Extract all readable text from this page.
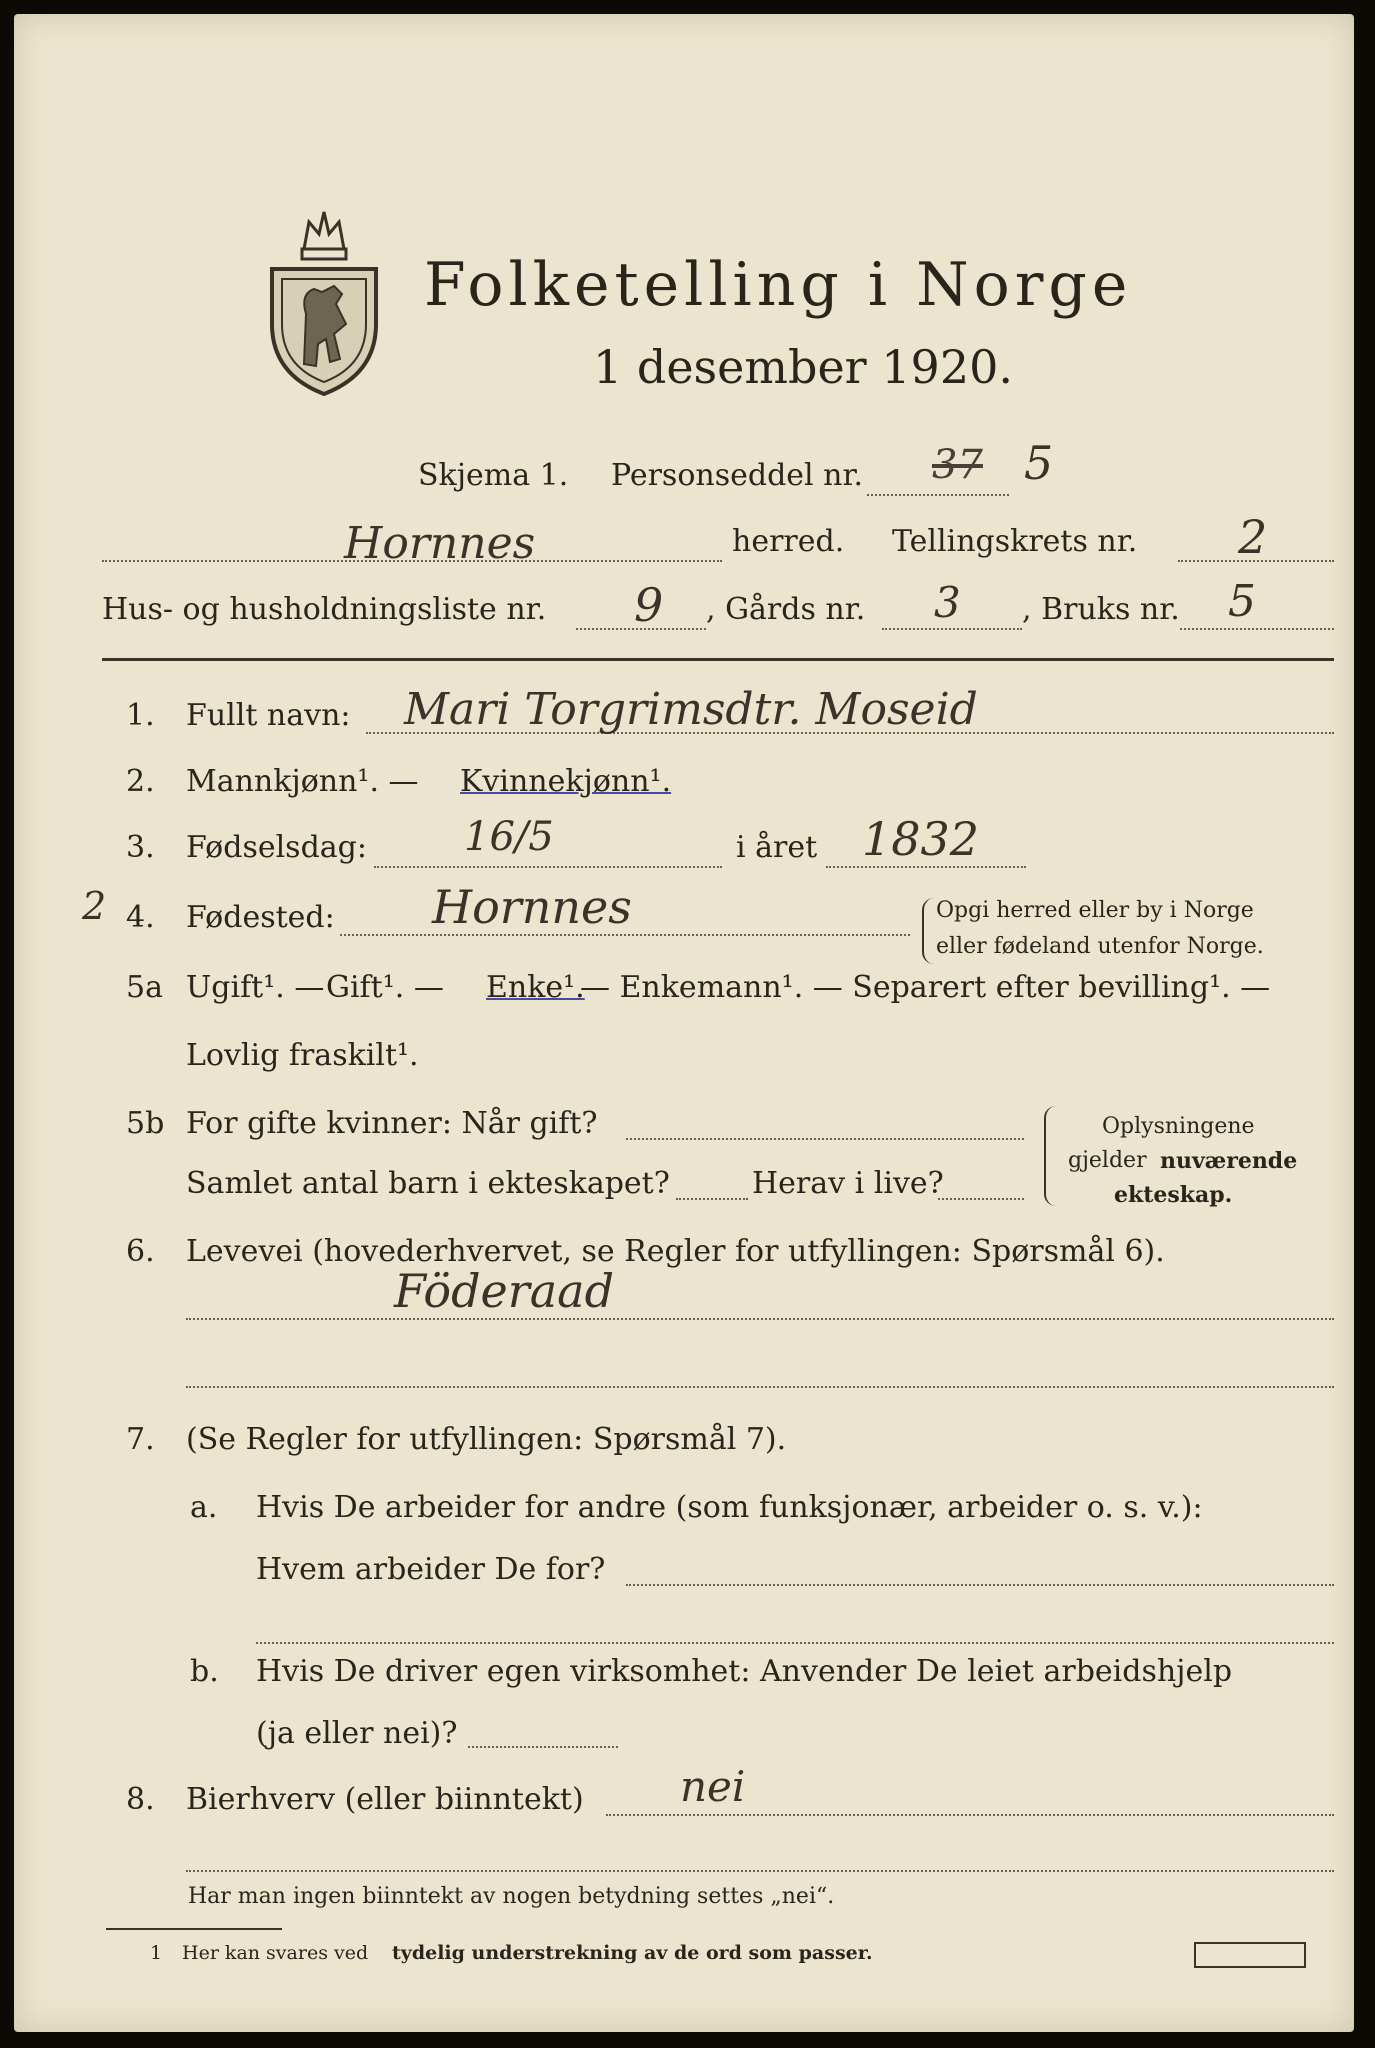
Folketelling i Norge
1 desember 1920.
Skjema 1. Personseddel nr. 37 5
Hornnes	herred. Tellingskrets nr. 2
Hus- og husholdningsliste nr. 9 , Gårds nr. 3 , Bruks nr. 5
1. Fullt navn: Mari Torgrimsdtr. Moseid
2. Mannkjønn¹. — Kvinnekjønn¹.
3. Fødselsdag: 16/5	i året 1832
2 4. Fødested: Hornnes	Opgi herred eller by i Norge
eller fødeland utenfor Norge.
5a Ugift¹. — Gift¹. — Enke¹.
— Enkemann¹. — Separert efter bevilling¹. —
Lovlig fraskilt¹.
5b For gifte kvinner: Når gift?
Samlet antal barn i ekteskapet?	Herav i live?
Oplysningene
gjelder nuværende
ekteskap.
6. Levevei (hovederhvervet, se Regler for utfyllingen: Spørsmål 6).
Föderaad
7. (Se Regler for utfyllingen: Spørsmål 7).
a. Hvis De arbeider for andre (som funksjonær, arbeider o. s. v.):
Hvem arbeider De for?
b. Hvis De driver egen virksomhet: Anvender De leiet arbeidshjelp
(ja eller nei)?
8. Bierhverv (eller biinntekt) nei
Har man ingen biinntekt av nogen betydning settes „nei“.
1 Her kan svares ved tydelig understrekning av de ord som passer.
